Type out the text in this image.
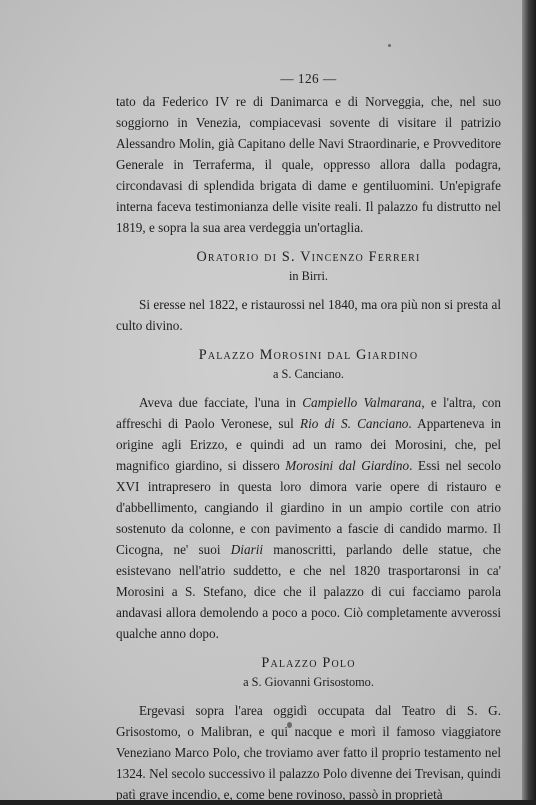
— 126 —

tato da Federico IV re di Danimarca e di Norveggia, che, nel suo soggiorno in Venezia, compiacevasi sovente di visitare il patrizio Alessandro Molin, già Capitano delle Navi Straordinarie, e Provveditore Generale in Terraferma, il quale, oppresso allora dalla podagra, circondavasi di splendida brigata di dame e gentiluomini. Un'epigrafe interna faceva testimonianza delle visite reali. Il palazzo fu distrutto nel 1819, e sopra la sua area verdeggia un'ortaglia.

Oratorio di S. Vincenzo Ferreri
in Birri.

Si eresse nel 1822, e ristaurossi nel 1840, ma ora più non si presta al culto divino.

Palazzo Morosini dal Giardino
a S. Canciano.

Aveva due facciate, l'una in Campiello Valmarana, e l'altra, con affreschi di Paolo Veronese, sul Rio di S. Canciano. Apparteneva in origine agli Erizzo, e quindi ad un ramo dei Morosini, che, pel magnifico giardino, si dissero Morosini dal Giardino. Essi nel secolo XVI intrapresero in questa loro dimora varie opere di ristauro e d'abbellimento, cangiando il giardino in un ampio cortile con atrio sostenuto da colonne, e con pavimento a fascie di candido marmo. Il Cicogna, ne' suoi Diarii manoscritti, parlando delle statue, che esistevano nell'atrio suddetto, e che nel 1820 trasportaronsi in ca' Morosini a S. Stefano, dice che il palazzo di cui facciamo parola andavasi allora demolendo a poco a poco. Ciò completamente avverossi qualche anno dopo.

Palazzo Polo
a S. Giovanni Grisostomo.

Ergevasi sopra l'area oggidì occupata dal Teatro di S. G. Grisostomo, o Malibran, e qui nacque e morì il famoso viaggiatore Veneziano Marco Polo, che troviamo aver fatto il proprio testamento nel 1324. Nel secolo successivo il palazzo Polo divenne dei Trevisan, quindi patì grave incendio, e, come bene rovinoso, passò in proprietà
